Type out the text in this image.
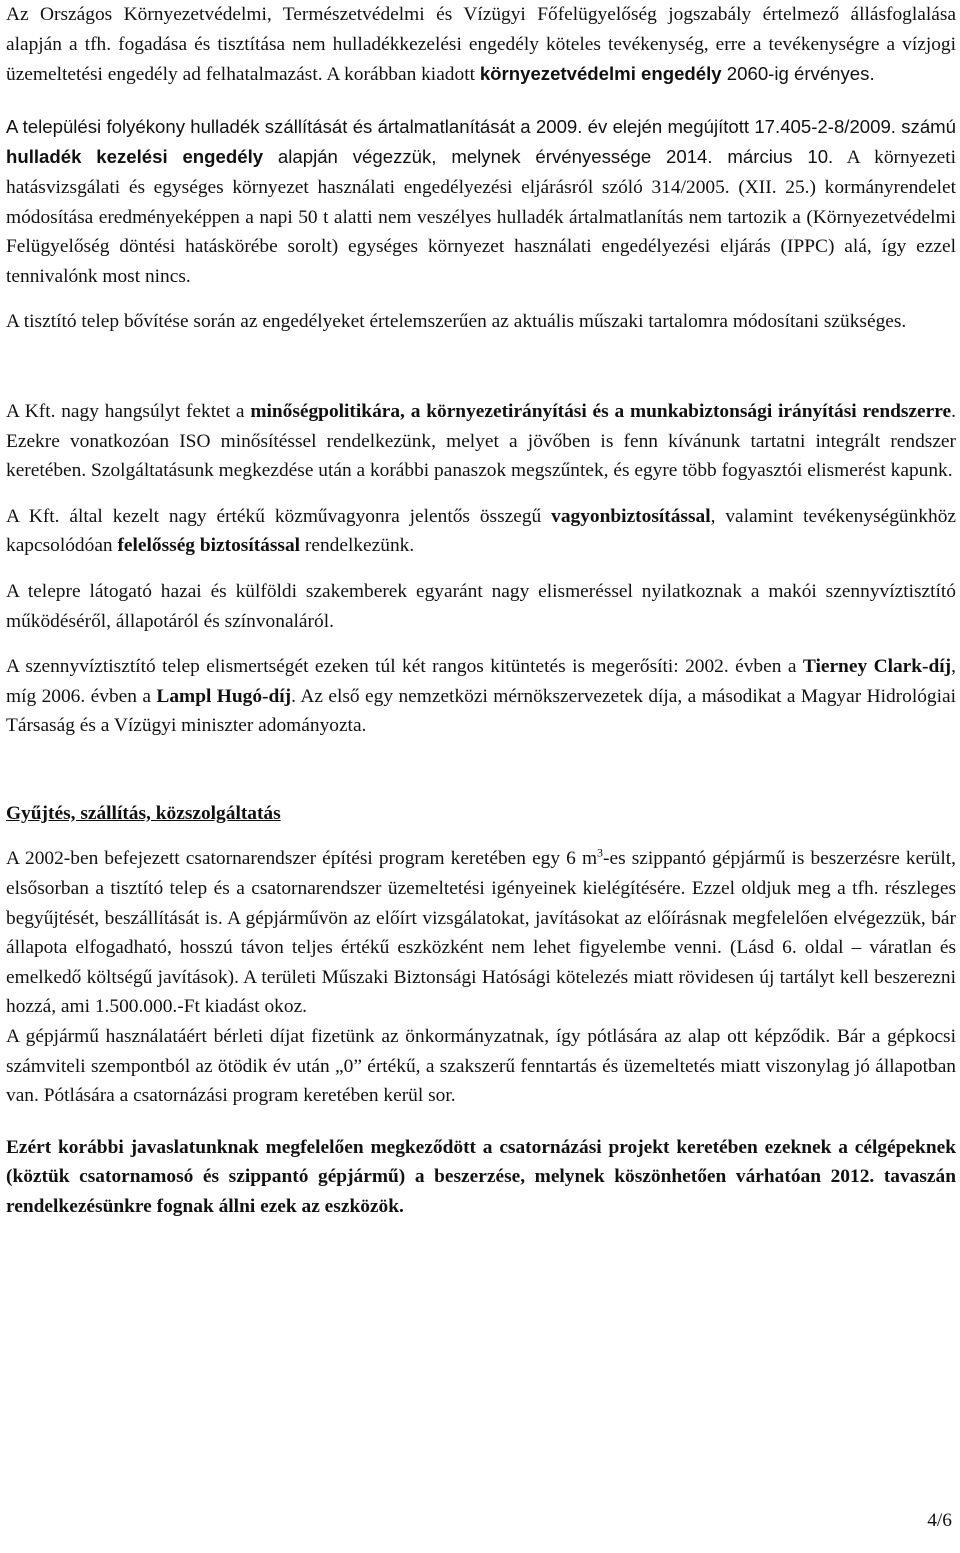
Az Országos Környezetvédelmi, Természetvédelmi és Vízügyi Főfelügyelőség jogszabály értelmező állásfoglalása alapján a tfh. fogadása és tisztítása nem hulladékkezelési engedély köteles tevékenység, erre a tevékenységre a vízjogi üzemeltetési engedély ad felhatalmazást. A korábban kiadott környezetvédelmi engedély 2060-ig érvényes.

A települési folyékony hulladék szállítását és ártalmatlanítását a 2009. év elején megújított 17.405-2-8/2009. számú hulladék kezelési engedély alapján végezzük, melynek érvényessége 2014. március 10. A környezeti hatásvizsgálati és egységes környezet használati engedélyezési eljárásról szóló 314/2005. (XII. 25.) kormányrendelet módosítása eredményeképpen a napi 50 t alatti nem veszélyes hulladék ártalmatlanítás nem tartozik a (Környezetvédelmi Felügyelőség döntési hatáskörébe sorolt) egységes környezet használati engedélyezési eljárás (IPPC) alá, így ezzel tennivalónk most nincs.

A tisztító telep bővítése során az engedélyeket értelemszerűen az aktuális műszaki tartalomra módosítani szükséges.

A Kft. nagy hangsúlyt fektet a minőségpolitikára, a környezetirányítási és a munkabiztonsági irányítási rendszerre. Ezekre vonatkozóan ISO minősítéssel rendelkezünk, melyet a jövőben is fenn kívánunk tartatni integrált rendszer keretében. Szolgáltatásunk megkezdése után a korábbi panaszok megszűntek, és egyre több fogyasztói elismerést kapunk.

A Kft. által kezelt nagy értékű közművagyonra jelentős összegű vagyonbiztosítással, valamint tevékenységünkhöz kapcsolódóan felelősség biztosítással rendelkezünk.

A telepre látogató hazai és külföldi szakemberek egyaránt nagy elismeréssel nyilatkoznak a makói szennyvíztisztító működéséről, állapotáról és színvonaláról.

A szennyvíztisztító telep elismertségét ezeken túl két rangos kitüntetés is megerősíti: 2002. évben a Tierney Clark-díj, míg 2006. évben a Lampl Hugó-díj. Az első egy nemzetközi mérnökszervezetek díja, a másodikat a Magyar Hidrológiai Társaság és a Vízügyi miniszter adományozta.

Gyűjtés, szállítás, közszolgáltatás

A 2002-ben befejezett csatornarendszer építési program keretében egy 6 $m^3-es$ szippantó gépjármű is beszerzésre került, elsősorban a tisztító telep és a csatornarendszer üzemeltetési igényeinek kielégítésére. Ezzel oldjuk meg a tfh. részleges begyűjtését, beszállítását is. A gépjárművön az előírt vizsgálatokat, javításokat az előírásnak megfelelően elvégezzük, bár állapota elfogadható, hosszú távon teljes értékű eszközként nem lehet figyelembe venni. (Lásd 6. oldal – váratlan és emelkedő költségű javítások). A területi Műszaki Biztonsági Hatósági kötelezés miatt rövidesen új tartályt kell beszerezni hozzá, ami 1.500.000.-Ft kiadást okoz.

A gépjármű használatáért bérleti díjat fizetünk az önkormányzatnak, így pótlására az alap ott képződik. Bár a gépkocsi számviteli szempontból az ötödik év után „0” értékű, a szakszerű fenntartás és üzemeltetés miatt viszonylag jó állapotban van. Pótlására a csatornázási program keretében kerül sor.

Ezért korábbi javaslatunknak megfelelően megkeződött a csatornázási projekt keretében ezeknek a célgépeknek (köztük csatornamosó és szippantó gépjármű) a beszerzése, melynek köszönhetően várhatóan 2012. tavaszán rendelkezésünkre fognak állni ezek az eszközök.

4/6
